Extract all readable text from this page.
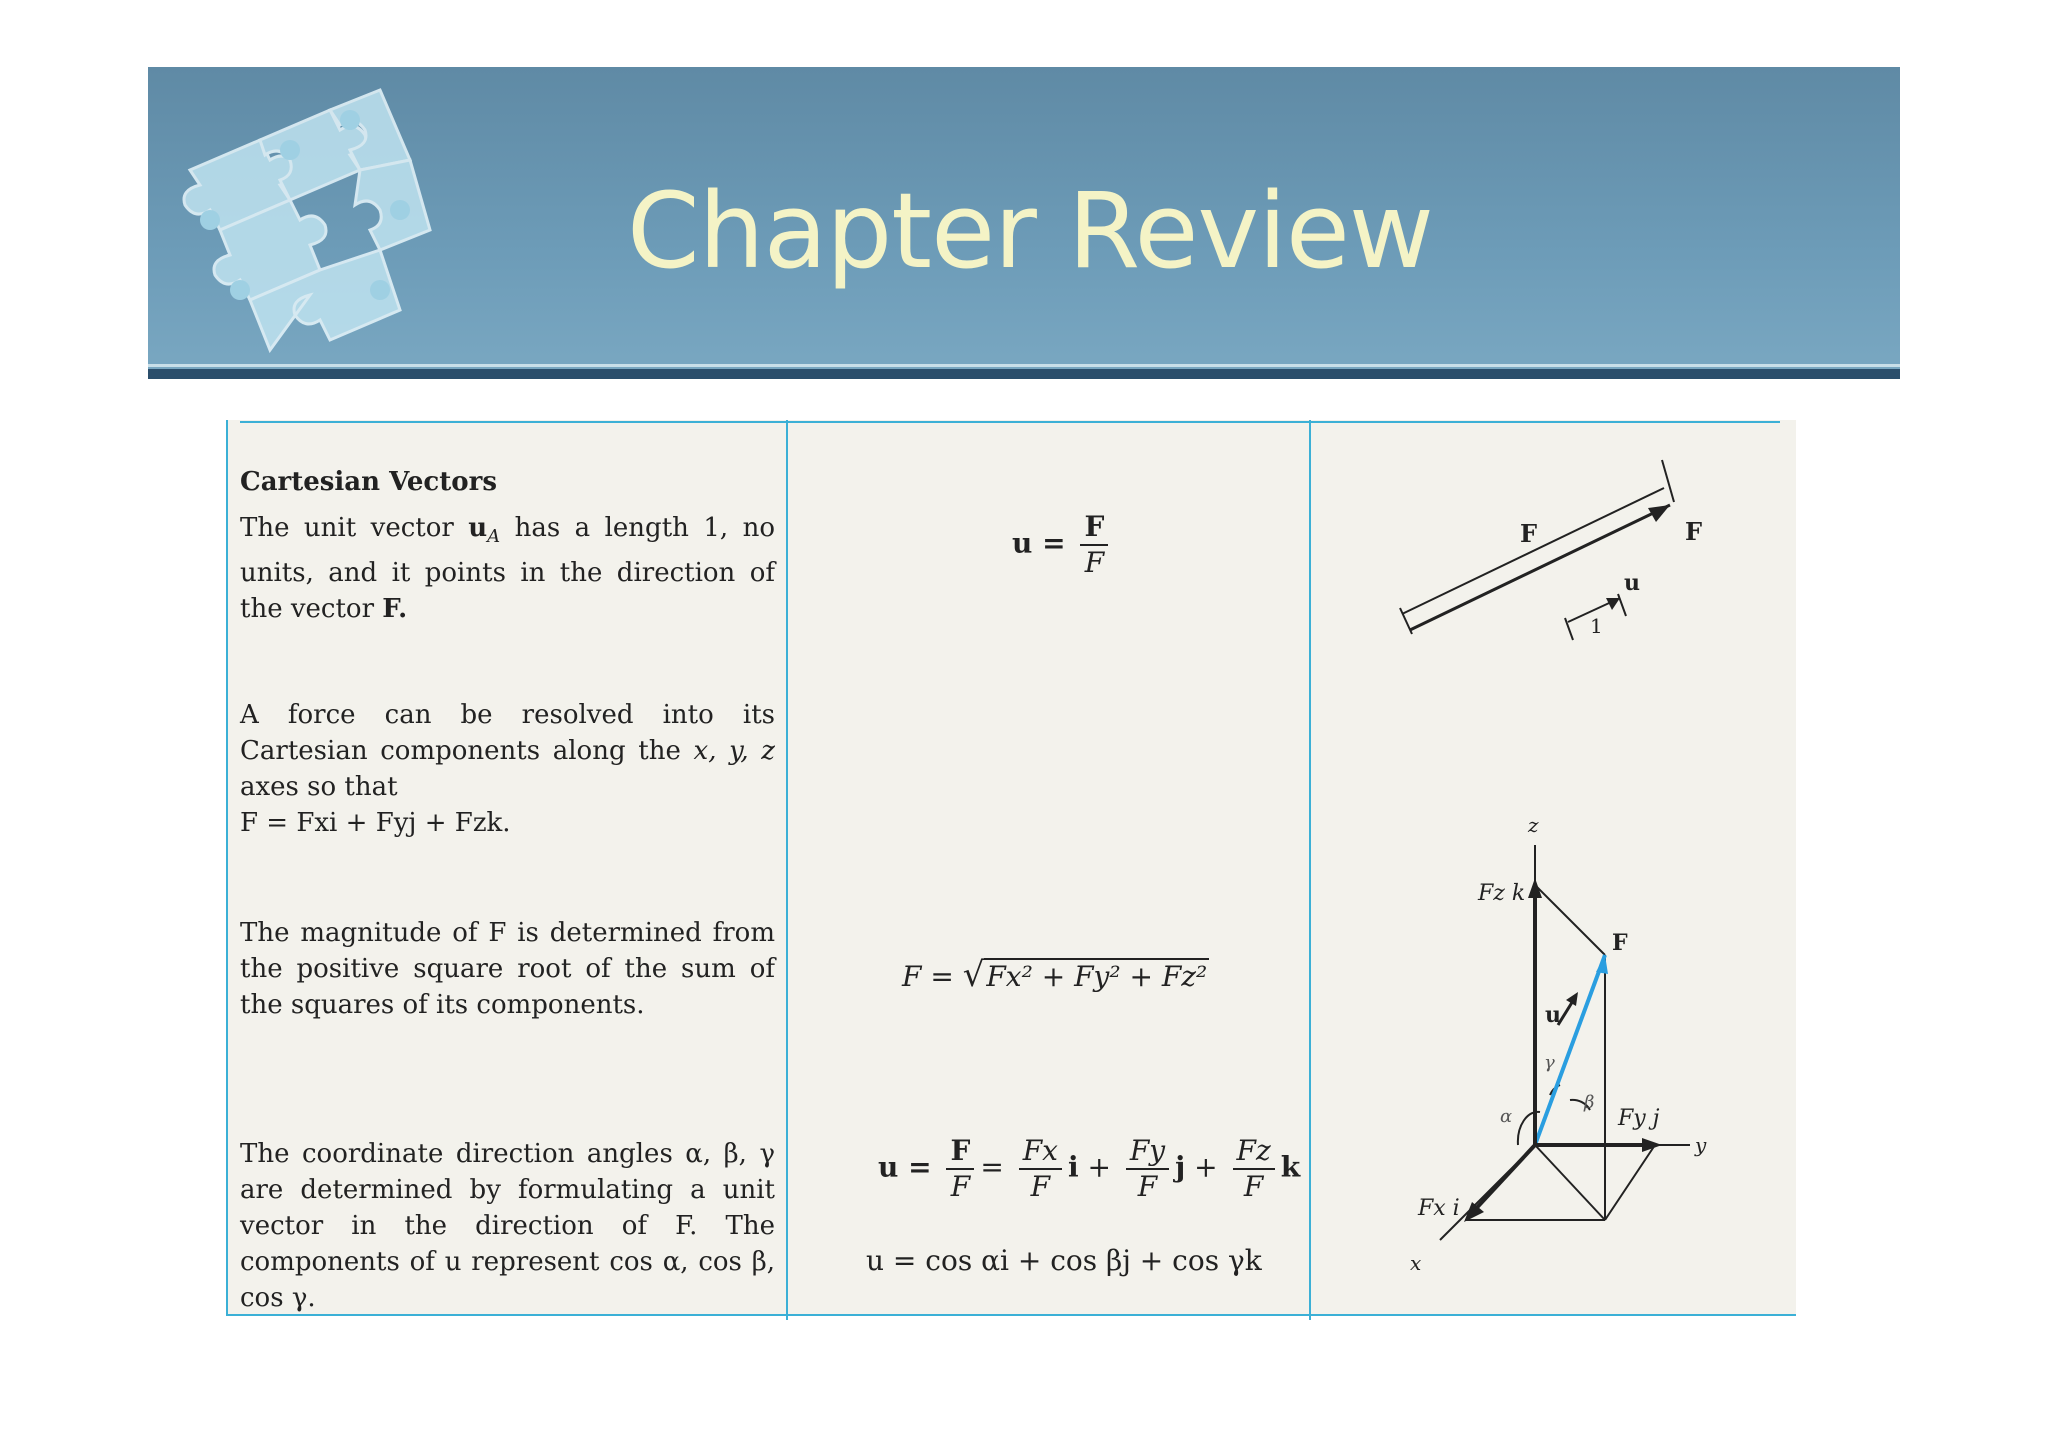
Chapter Review
Cartesian Vectors
The unit vector $u_A$ has a length 1, no units, and it points in the direction of the vector F.
A force can be resolved into its Cartesian components along the x, y, z axes so that
F = Fxi + Fyj + Fzk.
The magnitude of F is determined from the positive square root of the sum of the squares of its components.
The coordinate direction angles α, β, γ are determined by formulating a unit vector in the direction of F. The components of u represent cos α, cos β, cos γ.
$u = \frac{F}{F}$
F = √Fx² + Fy² + Fz²
$u = \frac{F}{F} = \frac{Fx}{F}$ $i + \frac{Fy}{F}$ $j + \frac{Fz}{F}$ k
u = cos αi + cos βj + cos γk
F	F
u
1
z
y
x
Fz k
F
u
Fy j
Fx i
α
β
γ
